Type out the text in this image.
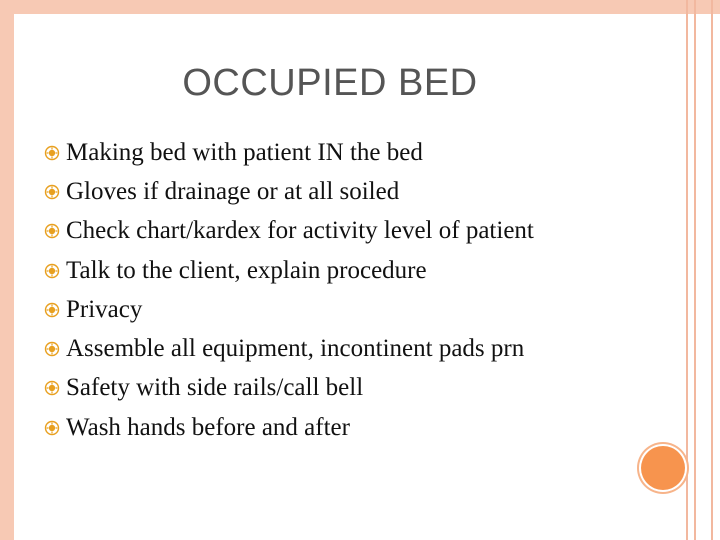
OCCUPIED BED
Making bed with patient IN the bed
Gloves if drainage or at all soiled
Check chart/kardex for activity level of patient
Talk to the client, explain procedure
Privacy
Assemble all equipment, incontinent pads prn
Safety with side rails/call bell
Wash hands before and after
